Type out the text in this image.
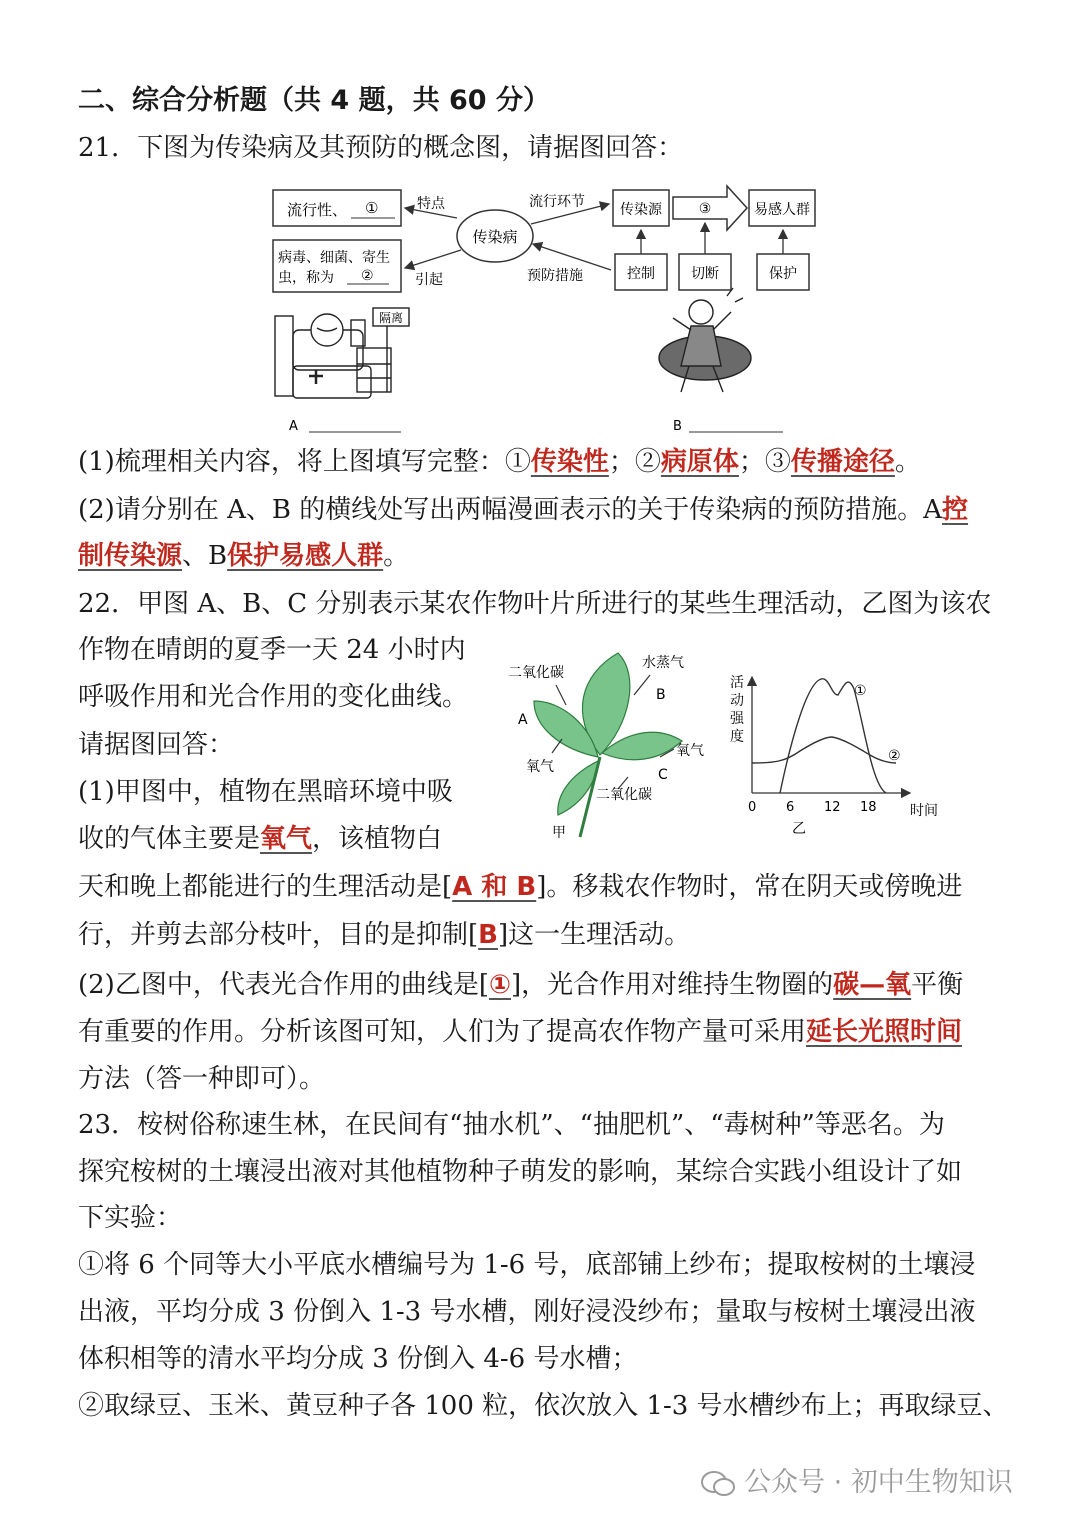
二、综合分析题（共 4 题，共 60 分）
21．下图为传染病及其预防的概念图，请据图回答：
流行性、 ①
病毒、细菌、寄生
虫，称为 ②
传染病
特点
引起
流行环节
预防措施
传染源	③	易感人群
控制	切断	保护
隔离
A	B
(1)梳理相关内容，将上图填写完整：①传染性；②病原体；③传播途径。
(2)请分别在 A、B 的横线处写出两幅漫画表示的关于传染病的预防措施。A控
制传染源、B保护易感人群。
22．甲图 A、B、C 分别表示某农作物叶片所进行的某些生理活动，乙图为该农
作物在晴朗的夏季一天 24 小时内
呼吸作用和光合作用的变化曲线。
请据图回答：
(1)甲图中，植物在黑暗环境中吸
收的气体主要是氧气，该植物白
二氧化碳
水蒸气
B
A
氧气
氧气
C
二氧化碳
甲
活
动
强
度
0 6 12 18 时间
①
②
乙
天和晚上都能进行的生理活动是[A 和 B]。移栽农作物时，常在阴天或傍晚进
行，并剪去部分枝叶，目的是抑制[B]这一生理活动。
(2)乙图中，代表光合作用的曲线是[①]，光合作用对维持生物圈的碳—氧平衡
有重要的作用。分析该图可知，人们为了提高农作物产量可采用延长光照时间
方法（答一种即可）。
23．桉树俗称速生林，在民间有“抽水机”、“抽肥机”、“毒树种”等恶名。为
探究桉树的土壤浸出液对其他植物种子萌发的影响，某综合实践小组设计了如
下实验：
①将 6 个同等大小平底水槽编号为 1-6 号，底部铺上纱布；提取桉树的土壤浸
出液，平均分成 3 份倒入 1-3 号水槽，刚好浸没纱布；量取与桉树土壤浸出液
体积相等的清水平均分成 3 份倒入 4-6 号水槽；
②取绿豆、玉米、黄豆种子各 100 粒，依次放入 1-3 号水槽纱布上；再取绿豆、
公众号 · 初中生物知识
